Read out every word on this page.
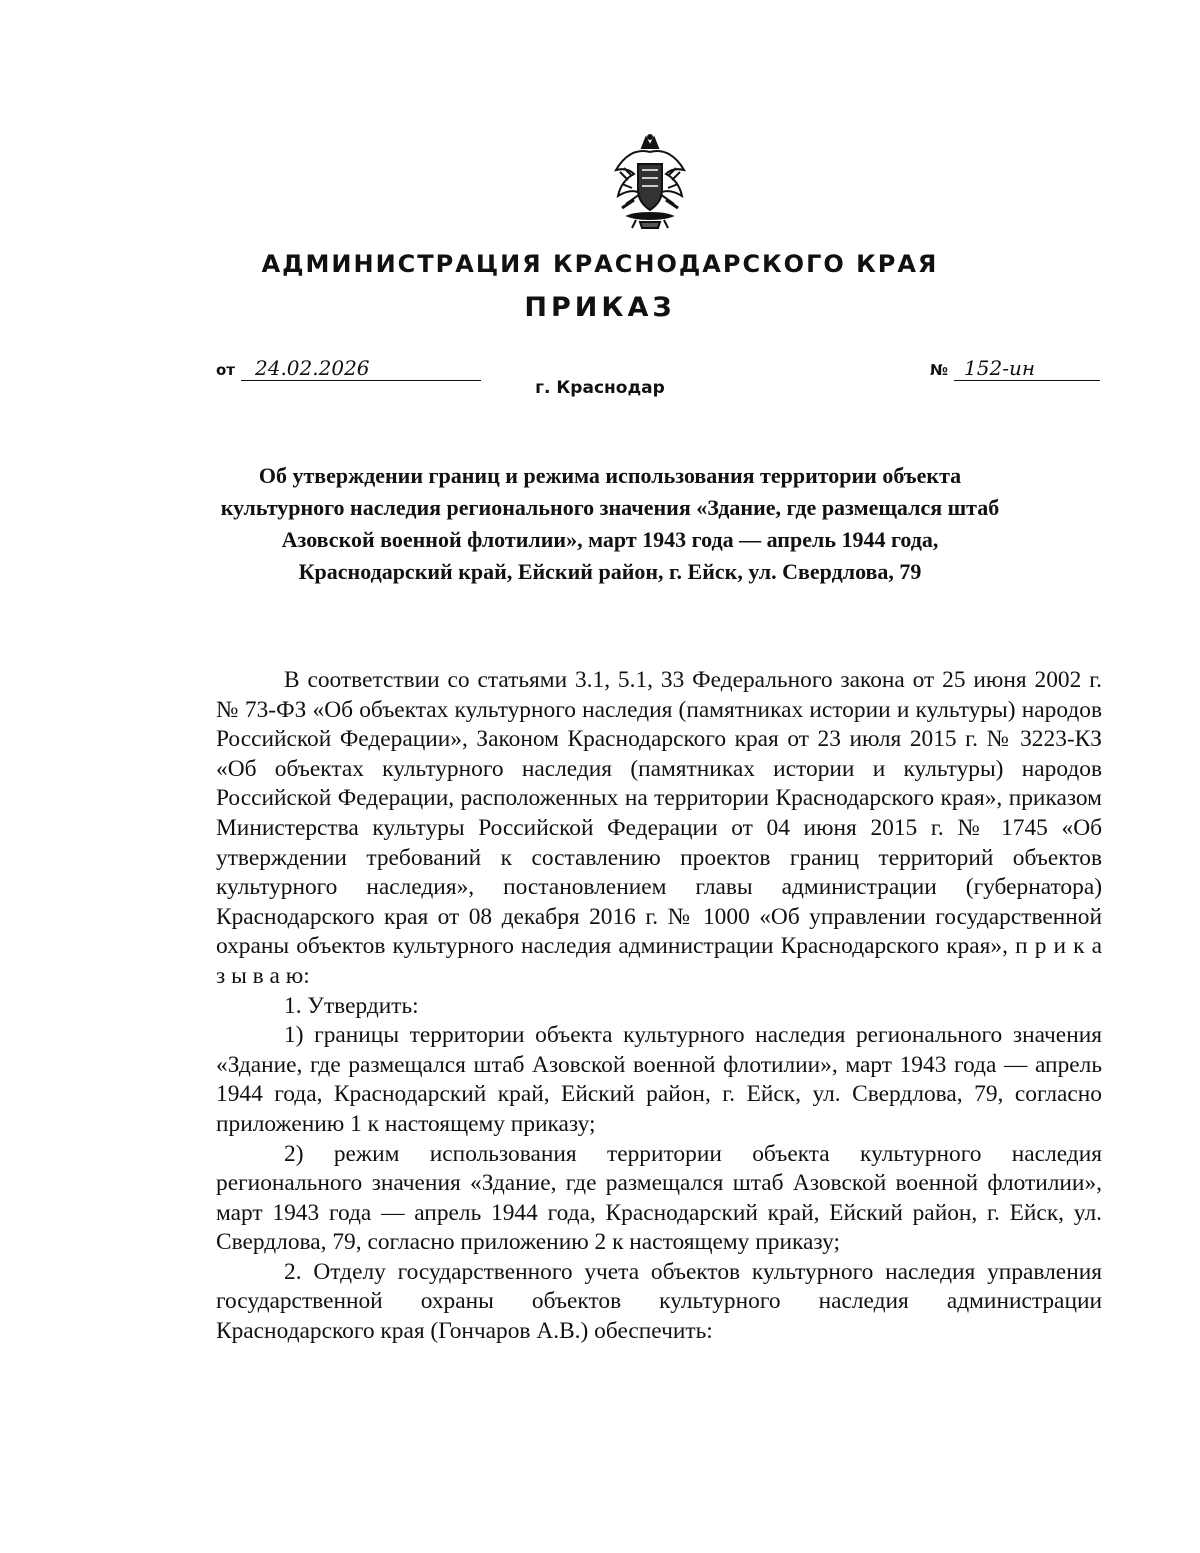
АДМИНИСТРАЦИЯ КРАСНОДАРСКОГО КРАЯ
ПРИКАЗ
от 24.02.2026	№ 152-ин
г. Краснодар
Об утверждении границ и режима использования территории объекта культурного наследия регионального значения «Здание, где размещался штаб Азовской военной флотилии», март 1943 года — апрель 1944 года, Краснодарский край, Ейский район, г. Ейск, ул. Свердлова, 79

В соответствии со статьями 3.1, 5.1, 33 Федерального закона от 25 июня 2002 г. № 73-ФЗ «Об объектах культурного наследия (памятниках истории и культуры) народов Российской Федерации», Законом Краснодарского края от 23 июля 2015 г. № 3223-КЗ «Об объектах культурного наследия (памятниках истории и культуры) народов Российской Федерации, расположенных на территории Краснодарского края», приказом Министерства культуры Российской Федерации от 04 июня 2015 г. № 1745 «Об утверждении требований к составлению проектов границ территорий объектов культурного наследия», постановлением главы администрации (губернатора) Краснодарского края от 08 декабря 2016 г. № 1000 «Об управлении государственной охраны объектов культурного наследия администрации Краснодарского края», п р и к а з ы в а ю:

1. Утвердить:

1) границы территории объекта культурного наследия регионального значения «Здание, где размещался штаб Азовской военной флотилии», март 1943 года — апрель 1944 года, Краснодарский край, Ейский район, г. Ейск, ул. Свердлова, 79, согласно приложению 1 к настоящему приказу;

2) режим использования территории объекта культурного наследия регионального значения «Здание, где размещался штаб Азовской военной флотилии», март 1943 года — апрель 1944 года, Краснодарский край, Ейский район, г. Ейск, ул. Свердлова, 79, согласно приложению 2 к настоящему приказу;

2. Отделу государственного учета объектов культурного наследия управления государственной охраны объектов культурного наследия администрации Краснодарского края (Гончаров А.В.) обеспечить:
